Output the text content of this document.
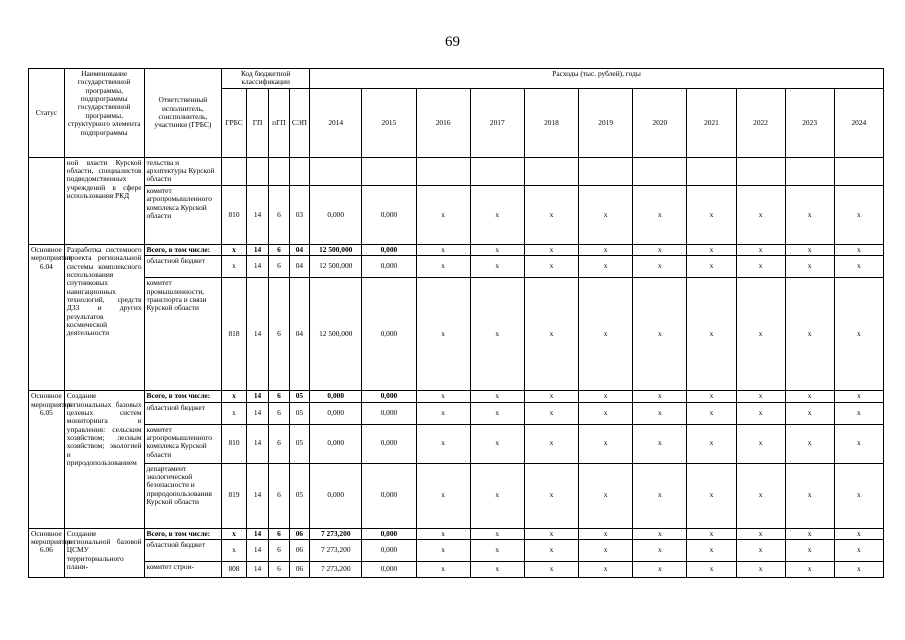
69
Статус	Наименование государственной программы, подпрограммы государственной программы, структурного элемента подпрограммы	Ответственный исполнитель, соисполнитель, участники (ГРБС)	Код бюджетной классификации				Расходы (тыс. рублей), годы										
			ГРБС	ГП	пГП	СЭП	2014	2015	2016	2017	2018	2019	2020	2021	2022	2023	2024
	ной власти Курской области, специалистов подведомственных учреждений в сфере использования РКД	тельства и архитектуры Курской области															
		комитет агропромышленного комплекса Курской области	810	14	6	03	0,000	0,000	x	x	x	x	x	x	x	x	x
Основное мероприятие 6.04	Разработка системного проекта региональной системы комплексного использования спутниковых навигационных технологий, средств ДЗЗ и других результатов космической деятельности	Всего, в том числе:	x	14	6	04	12 500,000	0,000	x	x	x	x	x	x	x	x	x
		областной бюджет	x	14	6	04	12 500,000	0,000	x	x	x	x	x	x	x	x	x
		комитет промышленности, транспорта и связи Курской области	818	14	6	04	12 500,000	0,000	x	x	x	x	x	x	x	x	x
Основное мероприятие 6.05	Создание региональных базовых целевых систем мониторинга и управления: сельским хозяйством; лесным хозяйством; экологией и природопользованием	Всего, в том числе:	x	14	6	05	0,000	0,000	x	x	x	x	x	x	x	x	x
		областной бюджет	x	14	6	05	0,000	0,000	x	x	x	x	x	x	x	x	x
		комитет агропромышленного комплекса Курской области	810	14	6	05	0,000	0,000	x	x	x	x	x	x	x	x	x
		департамент экологической безопасности и природопользования Курской области	819	14	6	05	0,000	0,000	x	x	x	x	x	x	x	x	x
Основное мероприятие 6.06	Создание региональной базовой ЦСМУ территориального плани-	Всего, в том числе:	x	14	6	06	7 273,200	0,000	x	x	x	x	x	x	x	x	x
		областной бюджет	x	14	6	06	7 273,200	0,000	x	x	x	x	x	x	x	x	x
		комитет строи-	808	14	6	06	7 273,200	0,000	x	x	x	x	x	x	x	x	x
